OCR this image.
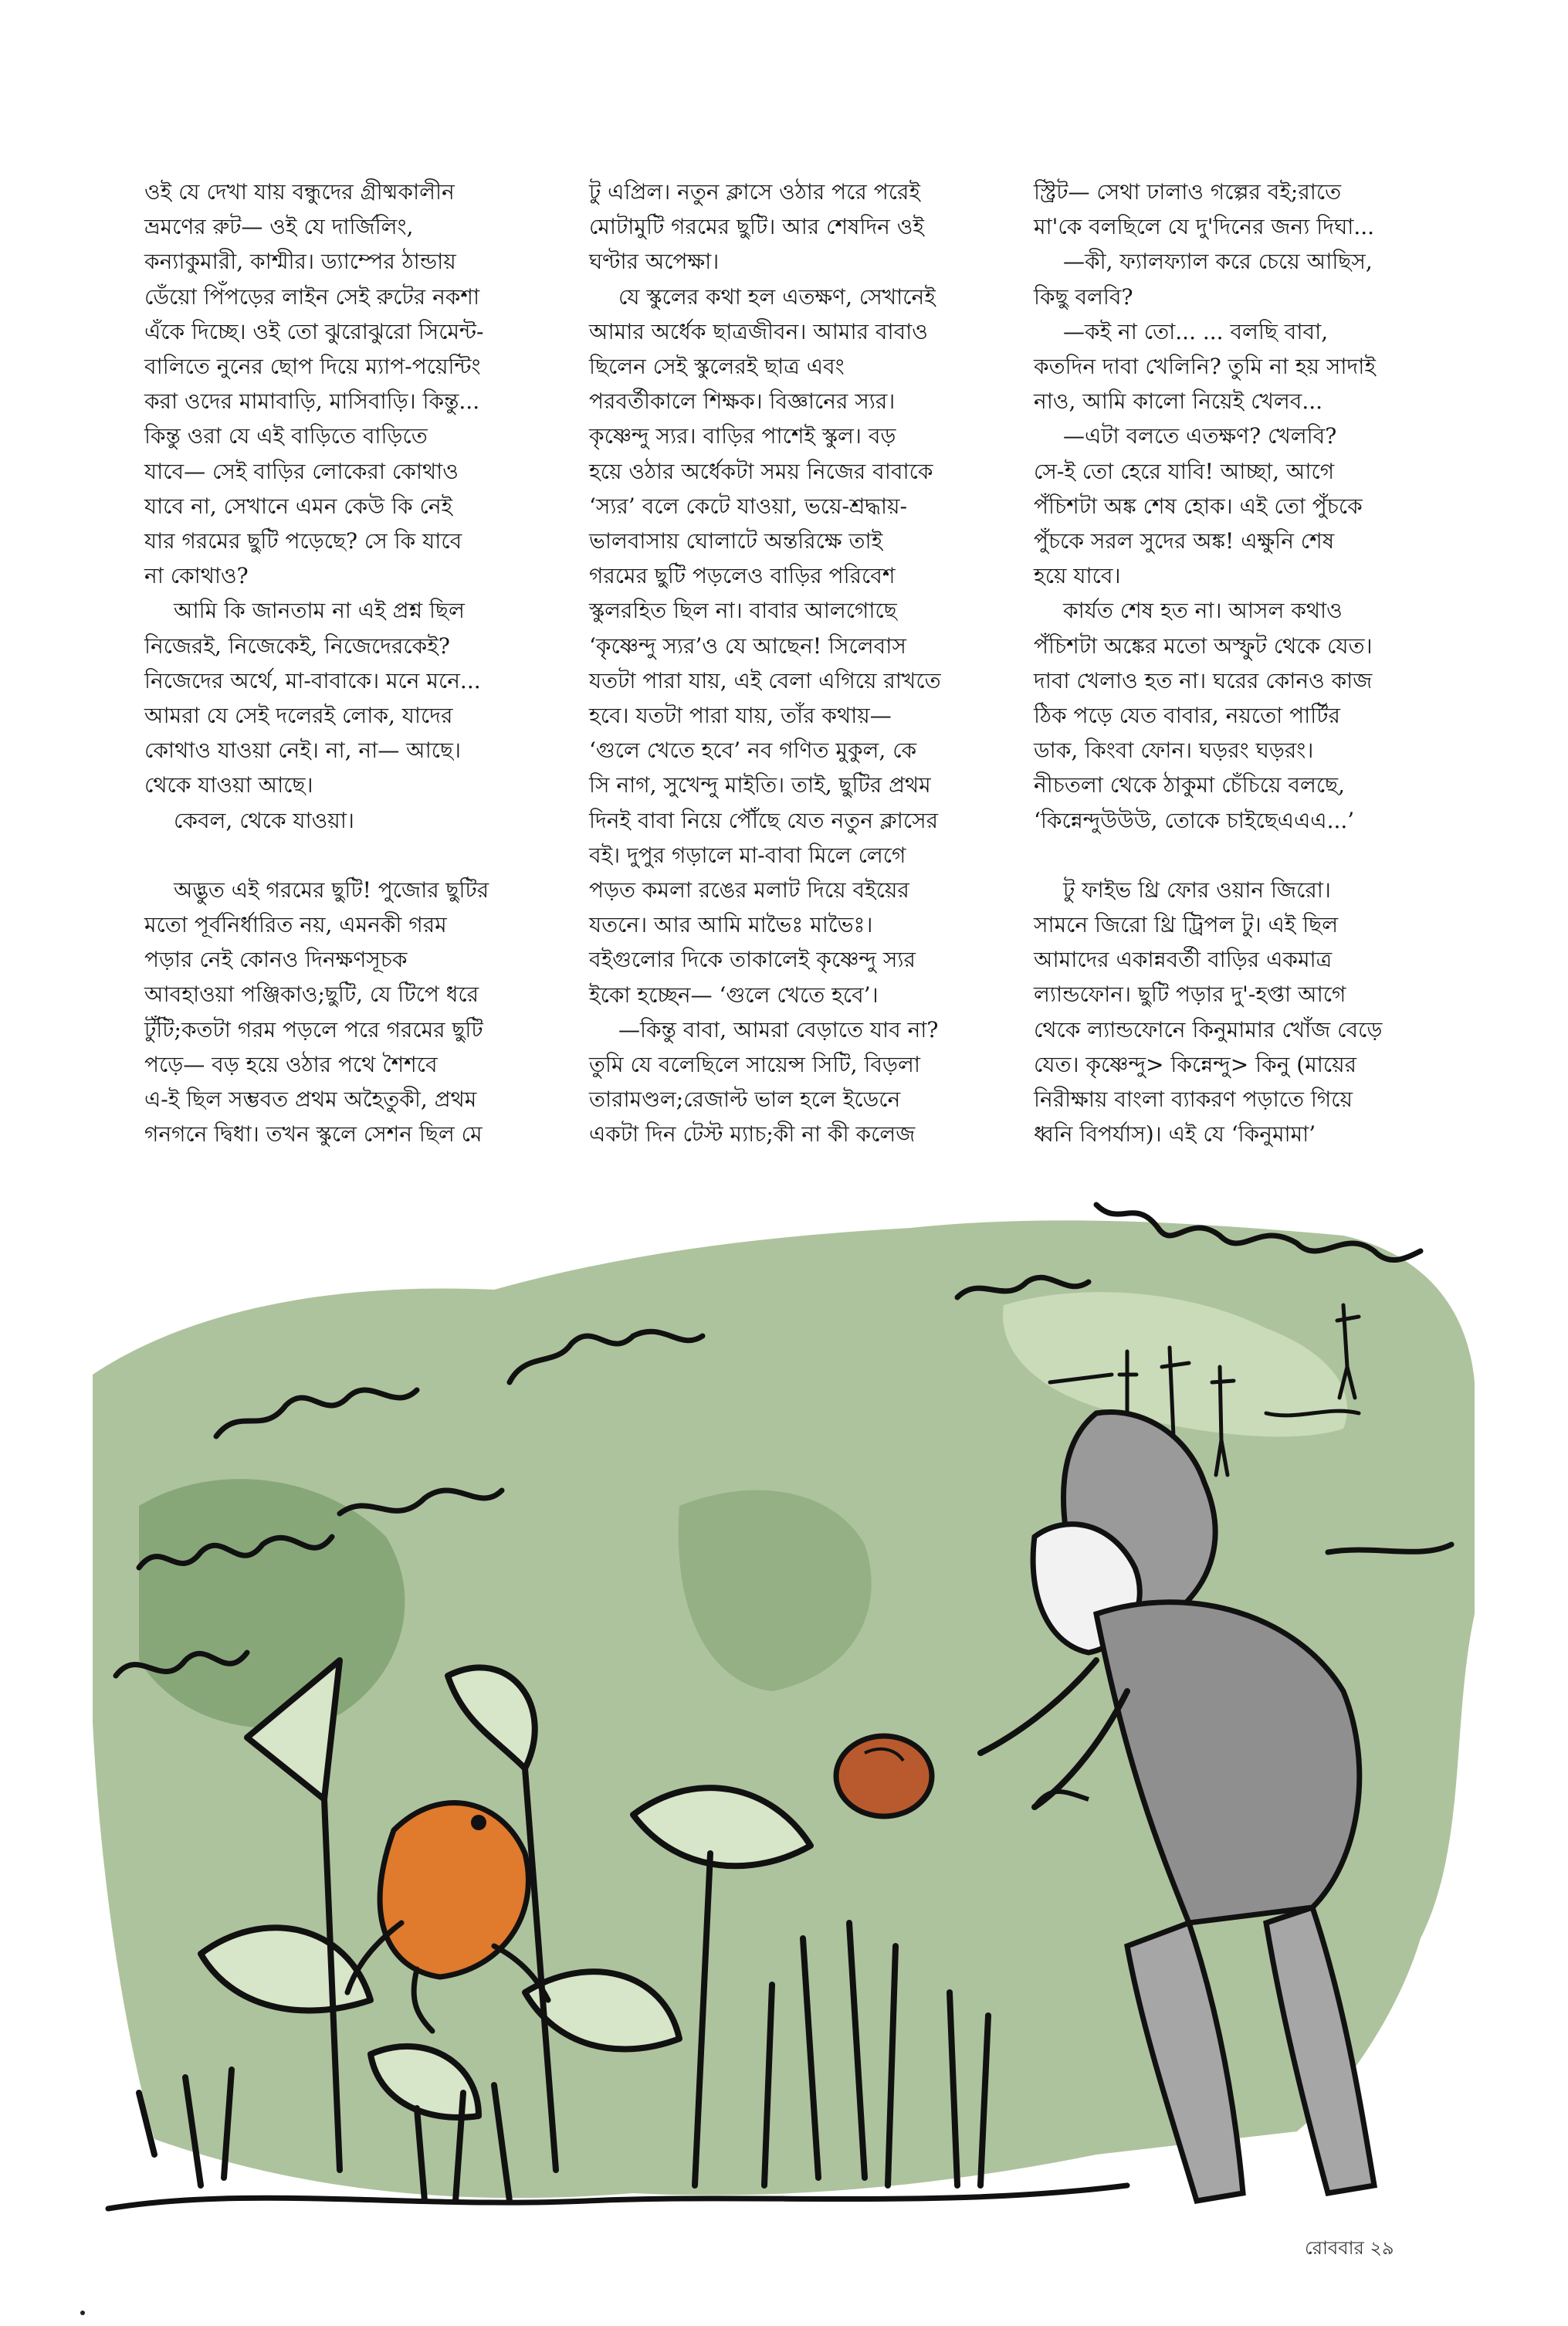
ওই যে দেখা যায় বন্ধুদের গ্রীষ্মকালীন

ভ্রমণের রুট— ওই যে দার্জিলিং,

কন্যাকুমারী, কাশ্মীর। ড্যাম্পের ঠান্ডায়

ডেঁয়ো পিঁপড়ের লাইন সেই রুটের নকশা

এঁকে দিচ্ছে। ওই তো ঝুরোঝুরো সিমেন্ট-

বালিতে নুনের ছোপ দিয়ে ম্যাপ-পয়েন্টিং

করা ওদের মামাবাড়ি, মাসিবাড়ি। কিন্তু...

কিন্তু ওরা যে এই বাড়িতে বাড়িতে

যাবে— সেই বাড়ির লোকেরা কোথাও

যাবে না, সেখানে এমন কেউ কি নেই

যার গরমের ছুটি পড়েছে? সে কি যাবে

না কোথাও?

আমি কি জানতাম না এই প্রশ্ন ছিল

নিজেরই, নিজেকেই, নিজেদেরকেই?

নিজেদের অর্থে, মা-বাবাকে। মনে মনে...

আমরা যে সেই দলেরই লোক, যাদের

কোথাও যাওয়া নেই। না, না— আছে।

থেকে যাওয়া আছে।

কেবল, থেকে যাওয়া।

অদ্ভুত এই গরমের ছুটি! পুজোর ছুটির

মতো পূর্বনির্ধারিত নয়, এমনকী গরম

পড়ার নেই কোনও দিনক্ষণসূচক

আবহাওয়া পঞ্জিকাও;ছুটি, যে টিপে ধরে

টুঁটি;কতটা গরম পড়লে পরে গরমের ছুটি

পড়ে— বড় হয়ে ওঠার পথে শৈশবে

এ-ই ছিল সম্ভবত প্রথম অহৈতুকী, প্রথম

গনগনে দ্বিধা। তখন স্কুলে সেশন ছিল মে

টু এপ্রিল। নতুন ক্লাসে ওঠার পরে পরেই

মোটামুটি গরমের ছুটি। আর শেষদিন ওই

ঘণ্টার অপেক্ষা।

যে স্কুলের কথা হল এতক্ষণ, সেখানেই

আমার অর্ধেক ছাত্রজীবন। আমার বাবাও

ছিলেন সেই স্কুলেরই ছাত্র এবং

পরবর্তীকালে শিক্ষক। বিজ্ঞানের স্যর।

কৃষ্ণেন্দু স্যর। বাড়ির পাশেই স্কুল। বড়

হয়ে ওঠার অর্ধেকটা সময় নিজের বাবাকে

‘স্যর’ বলে কেটে যাওয়া, ভয়ে-শ্রদ্ধায়-

ভালবাসায় ঘোলাটে অন্তরিক্ষে তাই

গরমের ছুটি পড়লেও বাড়ির পরিবেশ

স্কুলরহিত ছিল না। বাবার আলগোছে

‘কৃষ্ণেন্দু স্যর’ও যে আছেন! সিলেবাস

যতটা পারা যায়, এই বেলা এগিয়ে রাখতে

হবে। যতটা পারা যায়, তাঁর কথায়—

‘গুলে খেতে হবে’ নব গণিত মুকুল, কে

সি নাগ, সুখেন্দু মাইতি। তাই, ছুটির প্রথম

দিনই বাবা নিয়ে পৌঁছে যেত নতুন ক্লাসের

বই। দুপুর গড়ালে মা-বাবা মিলে লেগে

পড়ত কমলা রঙের মলাট দিয়ে বইয়ের

যতনে। আর আমি মাভৈঃ মাভৈঃ।

বইগুলোর দিকে তাকালেই কৃষ্ণেন্দু স্যর

ইকো হচ্ছেন— ‘গুলে খেতে হবে’।

—কিন্তু বাবা, আমরা বেড়াতে যাব না?

তুমি যে বলেছিলে সায়েন্স সিটি, বিড়লা

তারামণ্ডল;রেজাল্ট ভাল হলে ইডেনে

একটা দিন টেস্ট ম্যাচ;কী না কী কলেজ

স্ট্রিট— সেথা ঢালাও গল্পের বই;রাতে

মা'কে বলছিলে যে দু'দিনের জন্য দিঘা...

—কী, ফ্যালফ্যাল করে চেয়ে আছিস,

কিছু বলবি?

—কই না তো... ... বলছি বাবা,

কতদিন দাবা খেলিনি? তুমি না হয় সাদাই

নাও, আমি কালো নিয়েই খেলব...

—এটা বলতে এতক্ষণ? খেলবি?

সে-ই তো হেরে যাবি! আচ্ছা, আগে

পঁচিশটা অঙ্ক শেষ হোক। এই তো পুঁচকে

পুঁচকে সরল সুদের অঙ্ক! এক্ষুনি শেষ

হয়ে যাবে।

কার্যত শেষ হত না। আসল কথাও

পঁচিশটা অঙ্কের মতো অস্ফুট থেকে যেত।

দাবা খেলাও হত না। ঘরের কোনও কাজ

ঠিক পড়ে যেত বাবার, নয়তো পার্টির

ডাক, কিংবা ফোন। ঘড়রং ঘড়রং।

নীচতলা থেকে ঠাকুমা চেঁচিয়ে বলছে,

‘কিন্নেন্দুউউউ, তোকে চাইছেএএএ...’

টু ফাইভ থ্রি ফোর ওয়ান জিরো।

সামনে জিরো থ্রি ট্রিপল টু। এই ছিল

আমাদের একান্নবর্তী বাড়ির একমাত্র

ল্যান্ডফোন। ছুটি পড়ার দু'-হপ্তা আগে

থেকে ল্যান্ডফোনে কিনুমামার খোঁজ বেড়ে

যেত। কৃষ্ণেন্দু> কিন্নেন্দু> কিনু (মায়ের

নিরীক্ষায় বাংলা ব্যাকরণ পড়াতে গিয়ে

ধ্বনি বিপর্যাস)। এই যে ‘কিনুমামা’

রোববার ২৯
